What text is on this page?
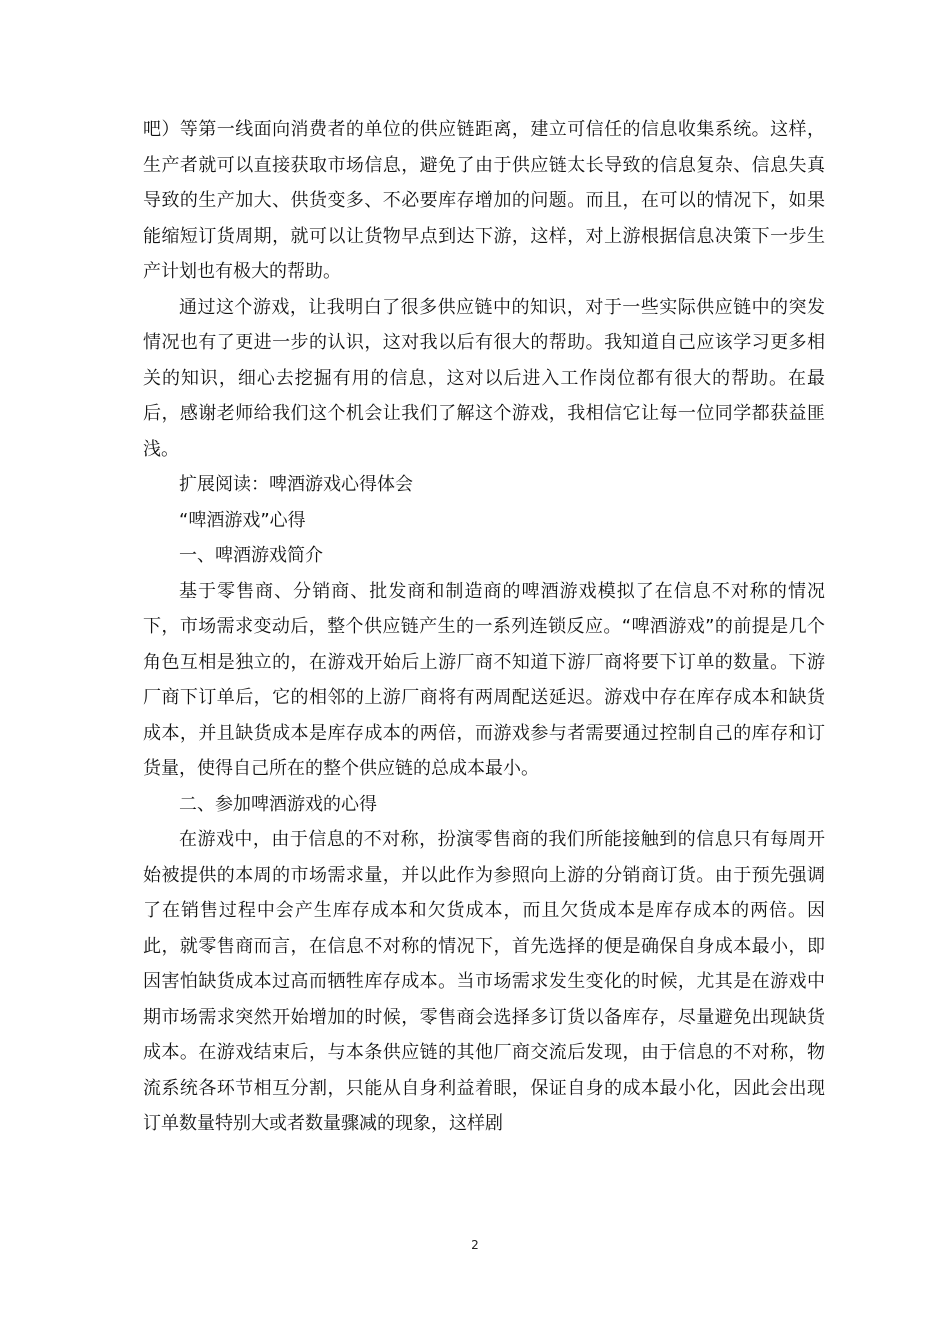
吧）等第一线面向消费者的单位的供应链距离，建立可信任的信息收集系统。这样，生产者就可以直接获取市场信息，避免了由于供应链太长导致的信息复杂、信息失真导致的生产加大、供货变多、不必要库存增加的问题。而且，在可以的情况下，如果能缩短订货周期，就可以让货物早点到达下游，这样，对上游根据信息决策下一步生产计划也有极大的帮助。

通过这个游戏，让我明白了很多供应链中的知识，对于一些实际供应链中的突发情况也有了更进一步的认识，这对我以后有很大的帮助。我知道自己应该学习更多相关的知识，细心去挖掘有用的信息，这对以后进入工作岗位都有很大的帮助。在最后，感谢老师给我们这个机会让我们了解这个游戏，我相信它让每一位同学都获益匪浅。

扩展阅读：啤酒游戏心得体会

“啤酒游戏”心得

一、啤酒游戏简介

基于零售商、分销商、批发商和制造商的啤酒游戏模拟了在信息不对称的情况下，市场需求变动后，整个供应链产生的一系列连锁反应。“啤酒游戏”的前提是几个角色互相是独立的，在游戏开始后上游厂商不知道下游厂商将要下订单的数量。下游厂商下订单后，它的相邻的上游厂商将有两周配送延迟。游戏中存在库存成本和缺货成本，并且缺货成本是库存成本的两倍，而游戏参与者需要通过控制自己的库存和订货量，使得自己所在的整个供应链的总成本最小。

二、参加啤酒游戏的心得

在游戏中，由于信息的不对称，扮演零售商的我们所能接触到的信息只有每周开始被提供的本周的市场需求量，并以此作为参照向上游的分销商订货。由于预先强调了在销售过程中会产生库存成本和欠货成本，而且欠货成本是库存成本的两倍。因此，就零售商而言，在信息不对称的情况下，首先选择的便是确保自身成本最小，即因害怕缺货成本过高而牺牲库存成本。当市场需求发生变化的时候，尤其是在游戏中期市场需求突然开始增加的时候，零售商会选择多订货以备库存，尽量避免出现缺货成本。在游戏结束后，与本条供应链的其他厂商交流后发现，由于信息的不对称，物流系统各环节相互分割，只能从自身利益着眼，保证自身的成本最小化，因此会出现订单数量特别大或者数量骤减的现象，这样剧

2
